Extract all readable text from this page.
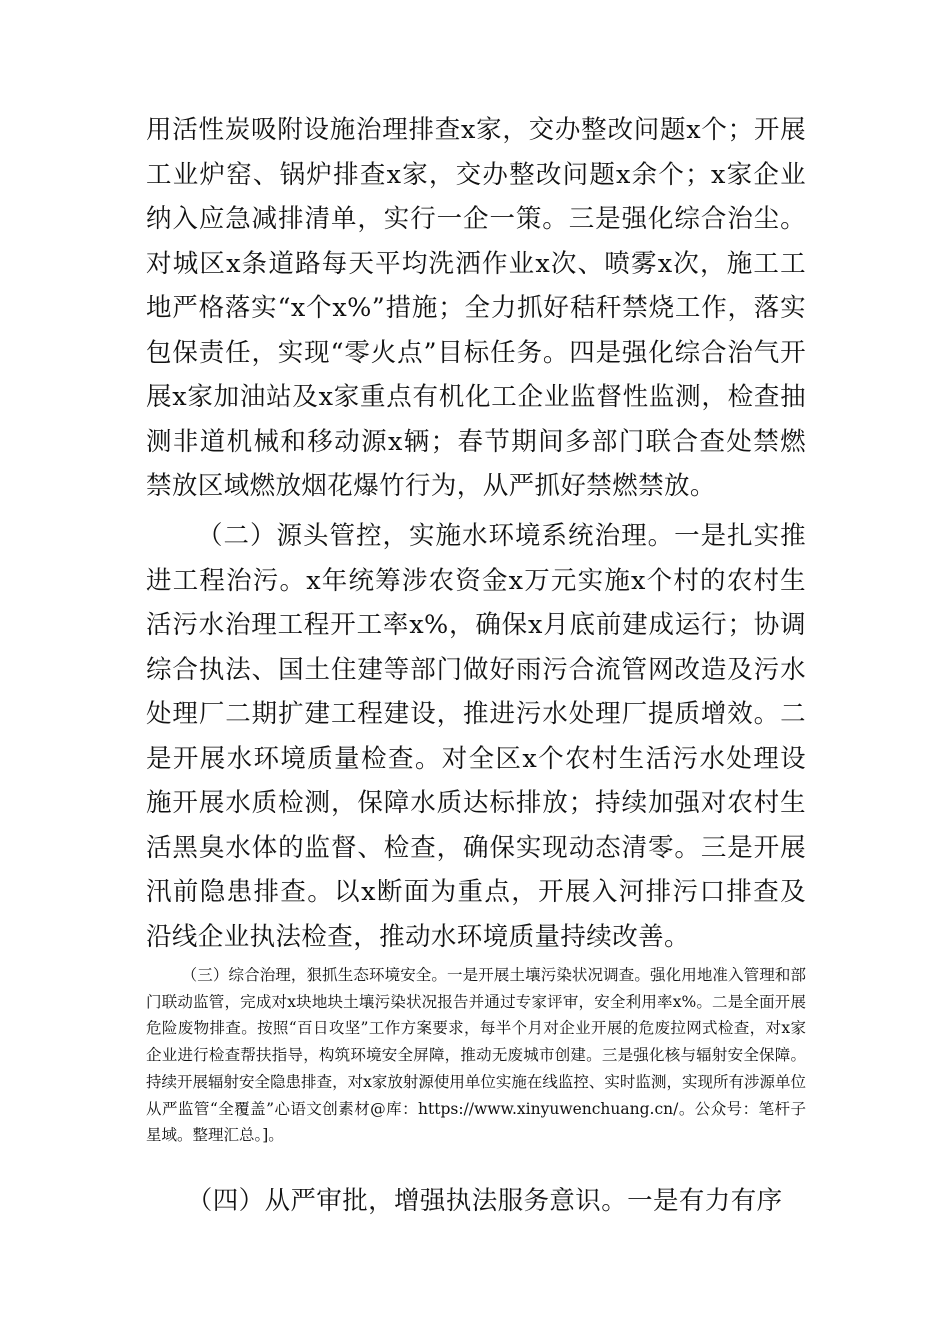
用活性炭吸附设施治理排查x家，交办整改问题x个；开展工业炉窑、锅炉排查x家，交办整改问题x余个；x家企业纳入应急减排清单，实行一企一策。三是强化综合治尘。对城区x条道路每天平均洗洒作业x次、喷雾x次，施工工地严格落实“x个x%”措施；全力抓好秸秆禁烧工作，落实包保责任，实现“零火点”目标任务。四是强化综合治气开展x家加油站及x家重点有机化工企业监督性监测，检查抽测非道机械和移动源x辆；春节期间多部门联合查处禁燃禁放区域燃放烟花爆竹行为，从严抓好禁燃禁放。

（二）源头管控，实施水环境系统治理。一是扎实推进工程治污。x年统筹涉农资金x万元实施x个村的农村生活污水治理工程开工率x%，确保x月底前建成运行；协调综合执法、国土住建等部门做好雨污合流管网改造及污水处理厂二期扩建工程建设，推进污水处理厂提质增效。二是开展水环境质量检查。对全区x个农村生活污水处理设施开展水质检测，保障水质达标排放；持续加强对农村生活黑臭水体的监督、检查，确保实现动态清零。三是开展汛前隐患排查。以x断面为重点，开展入河排污口排查及沿线企业执法检查，推动水环境质量持续改善。

（四）从严审批，增强执法服务意识。一是有力有序

（三）综合治理，狠抓生态环境安全。一是开展土壤污染状况调查。强化用地准入管理和部门联动监管，完成对x块地块土壤污染状况报告并通过专家评审，安全利用率x%。二是全面开展危险废物排查。按照“百日攻坚”工作方案要求，每半个月对企业开展的危废拉网式检查，对x家企业进行检查帮扶指导，构筑环境安全屏障，推动无废城市创建。三是强化核与辐射安全保障。持续开展辐射安全隐患排查，对x家放射源使用单位实施在线监控、实时监测，实现所有涉源单位从严监管“全覆盖”心语文创素材@库：https://www.xinyuwenchuang.cn/。公众号：笔杆子星域。整理汇总。]。
